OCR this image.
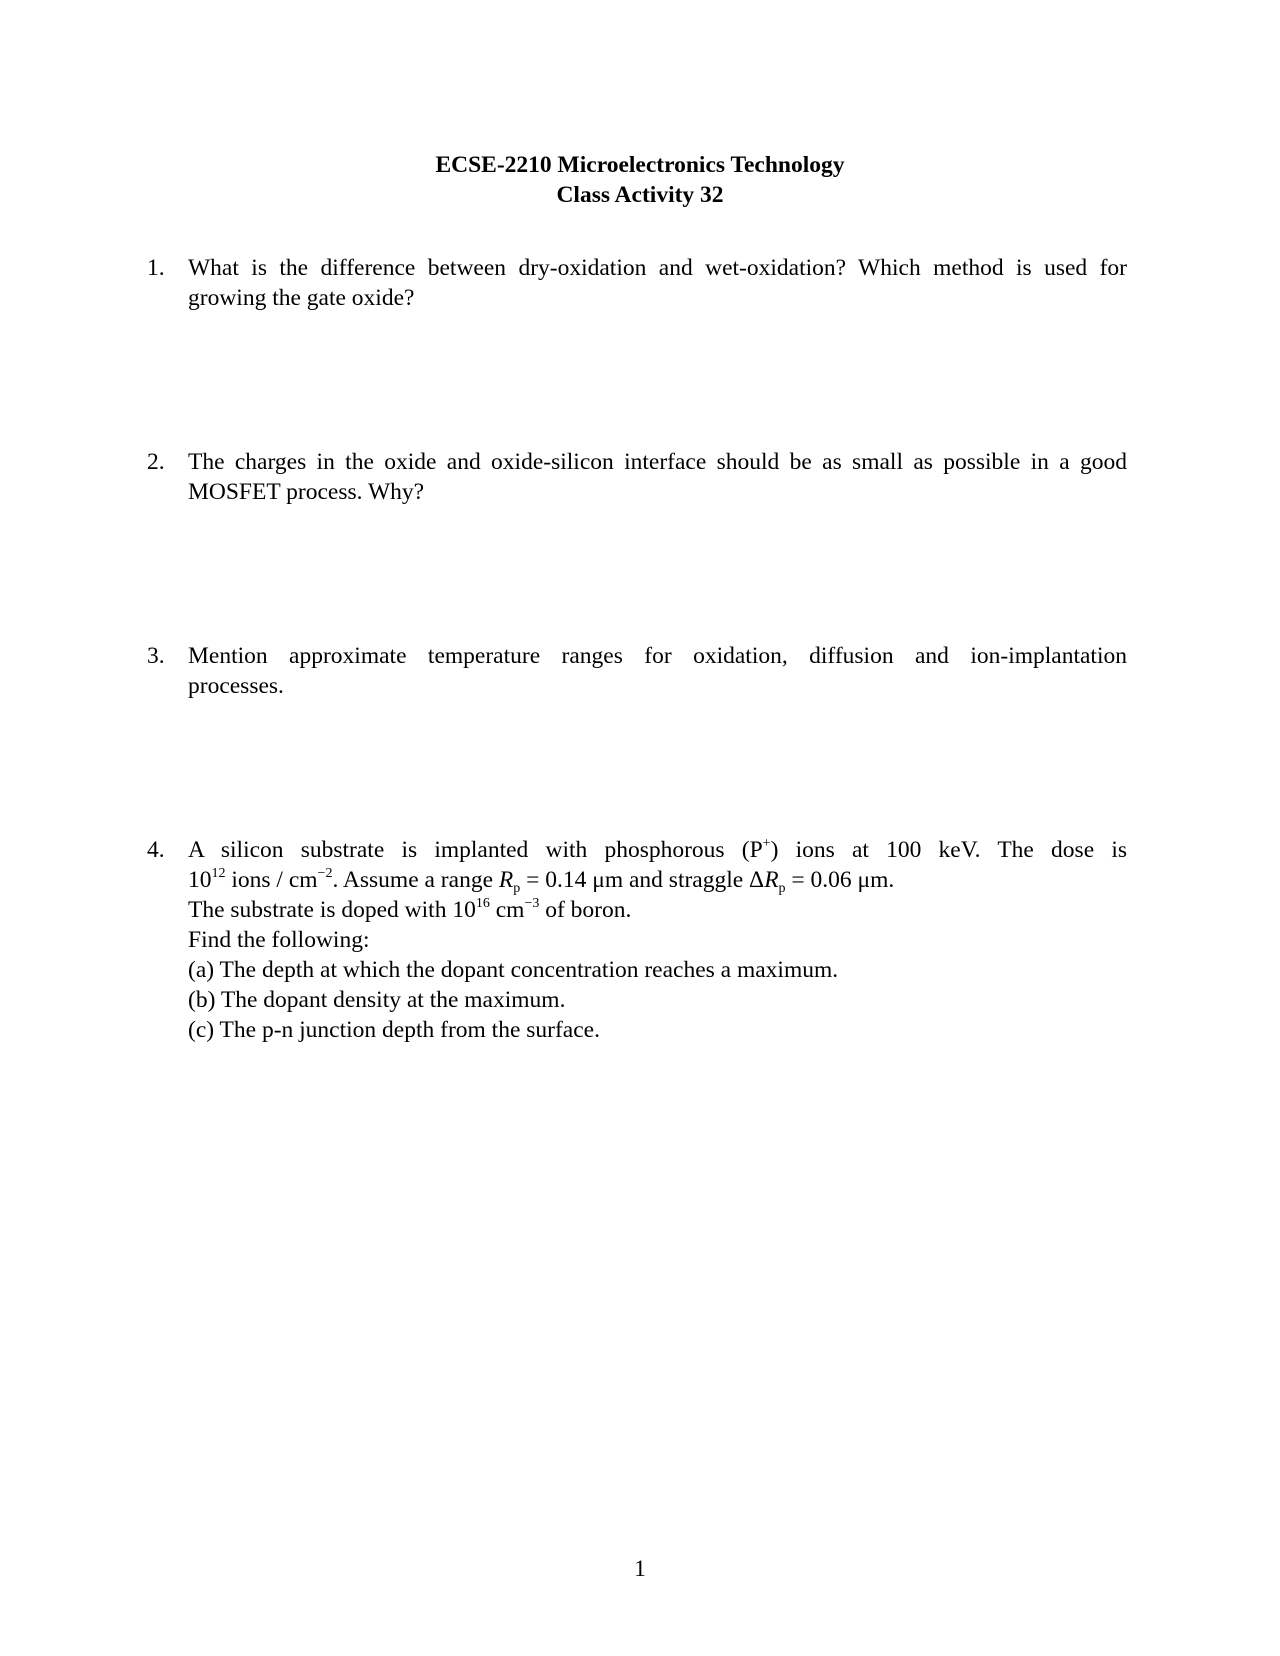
ECSE-2210 Microelectronics Technology
Class Activity 32
1. What is the difference between dry-oxidation and wet-oxidation? Which method is used for
growing the gate oxide?
2. The charges in the oxide and oxide-silicon interface should be as small as possible in a good
MOSFET process. Why?
3. Mention approximate temperature ranges for oxidation, diffusion and ion-implantation
processes.
4. A silicon substrate is implanted with phosphorous (P+) ions at 100 keV. The dose is
$10^{12}$ ions / $cm^{-2}$. Assume a range $R_p = 0.14$ μm and straggle $\Delta R_p = 0.06$ μm.
The substrate is doped with $10^{16}$ $cm^{-3}$ of boron.
Find the following:
(a) The depth at which the dopant concentration reaches a maximum.
(b) The dopant density at the maximum.
(c) The p-n junction depth from the surface.
1
